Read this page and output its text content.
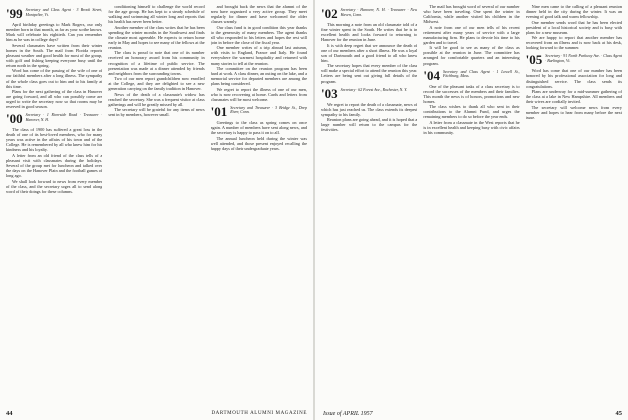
'99 Secretary and Class Agent · 3 Brook Street, Montpelier, Vt.

April birthday greetings to Mark Rogers, our only member born in that month, as far as your scribe knows. Mark will celebrate his eightieth. Can you remember him as he was in college days?

Several classmates have written from their winter homes in the South. The mail from Florida reports pleasant weather and good health for most of the group, with golf and fishing keeping everyone busy until the return north in the spring.

Word has come of the passing of the wife of one of our faithful members after a long illness. The sympathy of the whole class goes out to him and to his family at this time.

Plans for the next gathering of the class in Hanover are going forward, and all who can possibly come are urged to write the secretary now so that rooms may be reserved in good season.

'00 Secretary · 1 Riverside Road · Treasurer · Hanover, N. H.

The class of 1900 has suffered a great loss in the death of one of its best-loved members, who for many years was active in the affairs of his town and of the College. He is remembered by all who knew him for his kindness and his loyalty.

A letter from an old friend of the class tells of a pleasant visit with classmates during the holidays. Several of the group met for luncheon and talked over the days on the Hanover Plain and the football games of long ago.

We shall look forward to news from every member of the class, and the secretary urges all to send along word of their doings for these columns.

conditioning himself to challenge the world record for the age group. He has kept to a steady schedule of walking and swimming all winter long and reports that his health has never been better.

Another member of the class writes that he has been spending the winter months in the Southwest and finds the climate most agreeable. He expects to return home early in May and hopes to see many of the fellows at the reunion.

The class is proud to note that one of its number received an honorary award from his community in recognition of a lifetime of public service. The presentation was made at a dinner attended by friends and neighbors from the surrounding towns.

Two of our men report grandchildren now enrolled at the College, and they are delighted to see a new generation carrying on the family tradition in Hanover.

News of the death of a classmate's widow has reached the secretary. She was a frequent visitor at class gatherings and will be greatly missed by all.

The secretary will be grateful for any items of news sent in by members, however small.

and brought back the news that the alumni of the area have organized a very active group. They meet regularly for dinner and have welcomed the older classes warmly.

Our class fund is in good condition this year thanks to the generosity of many members. The agent thanks all who responded to his letters and hopes the rest will join in before the close of the fiscal year.

One member writes of a trip abroad last autumn, with visits to England, France and Italy. He found everywhere the warmest hospitality and returned with many stories to tell at the reunion.

The committee on the reunion program has been hard at work. A class dinner, an outing on the lake, and a memorial service for departed members are among the plans being considered.

We regret to report the illness of one of our men, who is now recovering at home. Cards and letters from classmates will be most welcome.

'01 Secretary and Treasurer · 3 Bridge St., Deep River, Conn.

Greetings to the class as spring comes on once again. A number of members have sent along news, and the secretary is happy to pass it on to all.

The annual luncheon held during the winter was well attended, and those present enjoyed recalling the happy days of their undergraduate years.

44	DARTMOUTH ALUMNI MAGAZINE
'02 Secretary · Hanover, N. H. · Treasurer · New Haven, Conn.

This morning a note from an old classmate told of a fine winter spent in the South. He writes that he is in excellent health and looks forward to returning to Hanover for the reunion in June.

It is with deep regret that we announce the death of one of our members after a short illness. He was a loyal son of Dartmouth and a good friend to all who knew him.

The secretary hopes that every member of the class will make a special effort to attend the reunion this year. Letters are being sent out giving full details of the program.

'03 Secretary · 62 Forest Ave., Rochester, N. Y.

We regret to report the death of a classmate, news of which has just reached us. The class extends its deepest sympathy to his family.

Reunion plans are going ahead, and it is hoped that a large number will return to the campus for the festivities.

The mail has brought word of several of our number who have been traveling. One spent the winter in California, while another visited his children in the Midwest.

A note from one of our men tells of his recent retirement after many years of service with a large manufacturing firm. He plans to devote his time to his garden and to travel.

It will be good to see as many of the class as possible at the reunion in June. The committee has arranged for comfortable quarters and an interesting program.

'04 Secretary and Class Agent · 1 Lowell St., Fitchburg, Mass.

One of the pleasant tasks of a class secretary is to record the successes of the members and their families. This month the news is of honors, promotions and new homes.

The class wishes to thank all who sent in their contributions to the Alumni Fund, and urges the remaining members to do so before the year ends.

A letter from a classmate in the West reports that he is in excellent health and keeping busy with civic affairs in his community.

Nine men came to the calling of a pleasant reunion dinner held in the city during the winter. It was an evening of good talk and warm fellowship.

One member sends word that he has been elected president of a local historical society and is busy with plans for a new museum.

We are happy to report that another member has recovered from an illness and is now back at his desk, looking forward to the summer.

'05 Secretary · 91 North Parkway Ave. · Class Agent · Burlington, Vt.

Word has come that one of our number has been honored by his professional association for long and distinguished service. The class sends its congratulations.

Plans are underway for a mid-summer gathering of the class at a lake in New Hampshire. All members and their wives are cordially invited.

The secretary will welcome news from every member and hopes to hear from many before the next issue.

Issue of APRIL 1957	45
